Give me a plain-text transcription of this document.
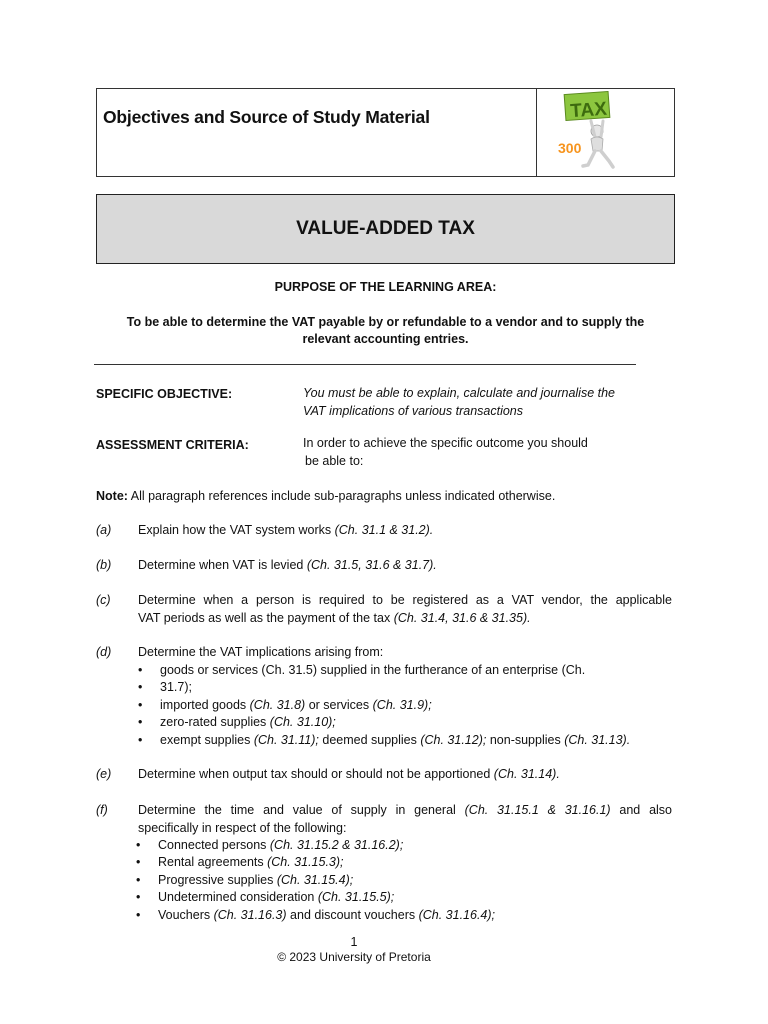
Objectives and Source of Study Material	TAX
300
VALUE-ADDED TAX
PURPOSE OF THE LEARNING AREA:
To be able to determine the VAT payable by or refundable to a vendor and to supply the
relevant accounting entries.
SPECIFIC OBJECTIVE:	You must be able to explain, calculate and journalise the
VAT implications of various transactions
ASSESSMENT CRITERIA:	In order to achieve the specific outcome you should
be able to:
Note: All paragraph references include sub-paragraphs unless indicated otherwise.
(a) Explain how the VAT system works (Ch. 31.1 & 31.2).
(b) Determine when VAT is levied (Ch. 31.5, 31.6 & 31.7).
(c) Determine when a person is required to be registered as a VAT vendor, the applicable
VAT periods as well as the payment of the tax (Ch. 31.4, 31.6 & 31.35).
(d) Determine the VAT implications arising from:
• goods or services (Ch. 31.5) supplied in the furtherance of an enterprise (Ch.
• 31.7);
• imported goods (Ch. 31.8) or services (Ch. 31.9);
• zero-rated supplies (Ch. 31.10);
• exempt supplies (Ch. 31.11); deemed supplies (Ch. 31.12); non-supplies (Ch. 31.13).
(e) Determine when output tax should or should not be apportioned (Ch. 31.14).
(f) Determine the time and value of supply in general (Ch. 31.15.1 & 31.16.1) and also
specifically in respect of the following:
• Connected persons (Ch. 31.15.2 & 31.16.2);
• Rental agreements (Ch. 31.15.3);
• Progressive supplies (Ch. 31.15.4);
• Undetermined consideration (Ch. 31.15.5);
• Vouchers (Ch. 31.16.3) and discount vouchers (Ch. 31.16.4);
1
© 2023 University of Pretoria
